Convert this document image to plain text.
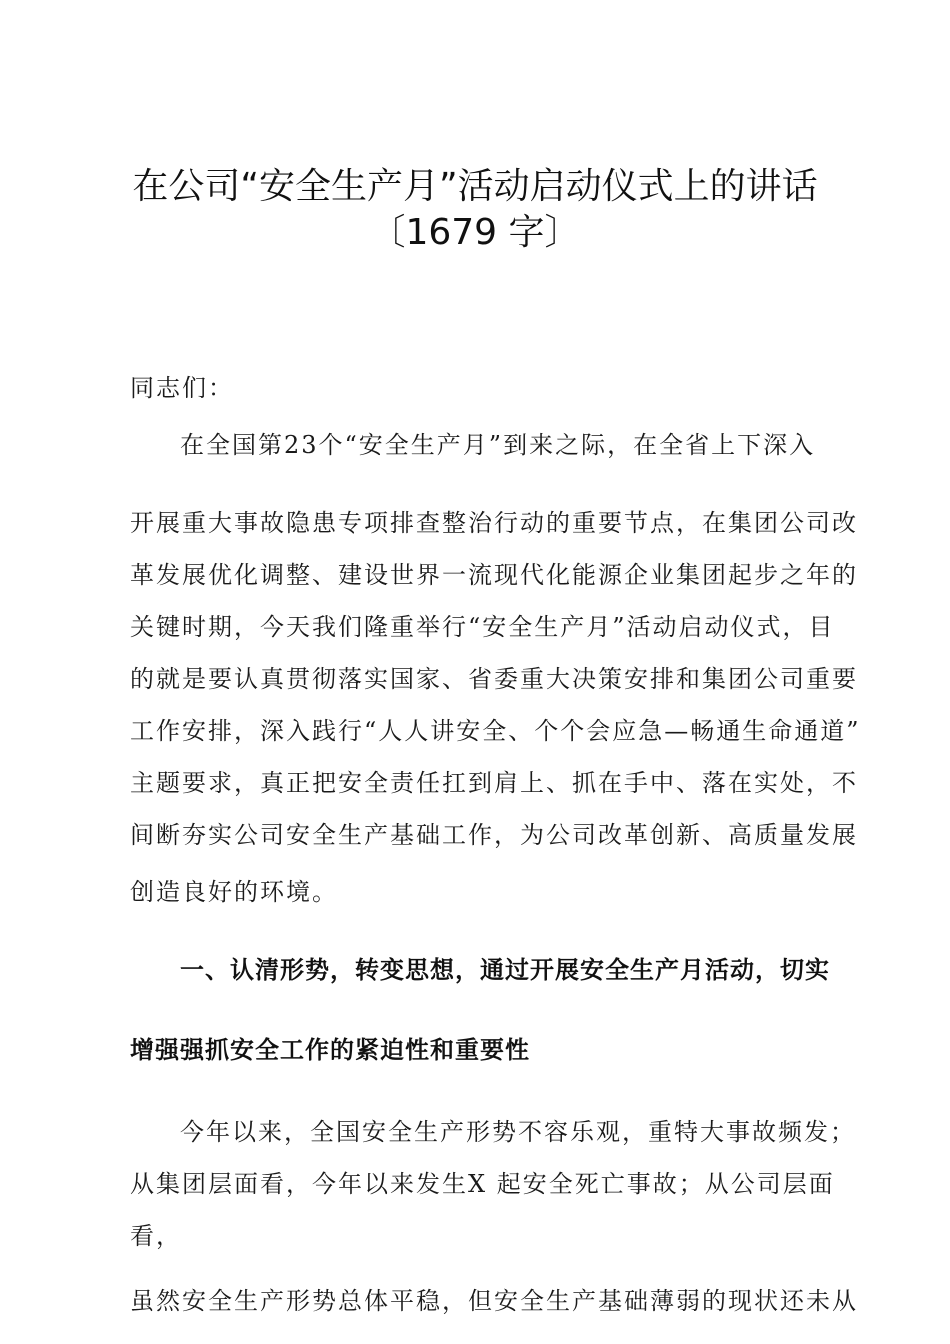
在公司“安全生产月”活动启动仪式上的讲话
〔1679 字〕
同志们：
在全国第23个“安全生产月”到来之际，在全省上下深入
开展重大事故隐患专项排查整治行动的重要节点，在集团公司改
革发展优化调整、建设世界一流现代化能源企业集团起步之年的
关键时期，今天我们隆重举行“安全生产月”活动启动仪式，目
的就是要认真贯彻落实国家、省委重大决策安排和集团公司重要
工作安排，深入践行“人人讲安全、个个会应急—畅通生命通道”
主题要求，真正把安全责任扛到肩上、抓在手中、落在实处，不
间断夯实公司安全生产基础工作，为公司改革创新、高质量发展
创造良好的环境。
一、认清形势，转变思想，通过开展安全生产月活动，切实
增强强抓安全工作的紧迫性和重要性
今年以来，全国安全生产形势不容乐观，重特大事故频发；
从集团层面看，今年以来发生X 起安全死亡事故；从公司层面
看，
虽然安全生产形势总体平稳，但安全生产基础薄弱的现状还未从
